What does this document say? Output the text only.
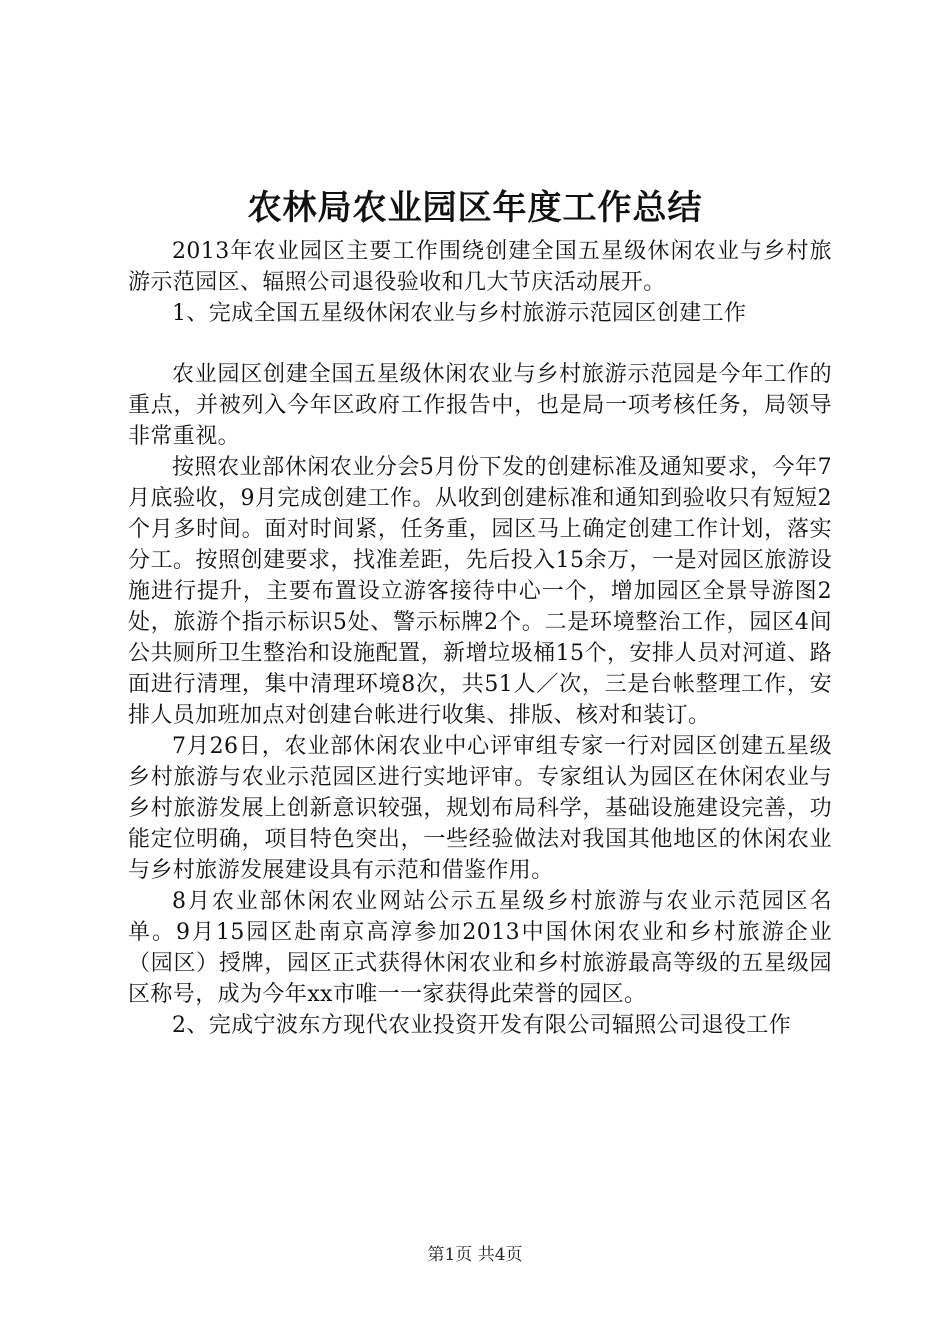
农林局农业园区年度工作总结

2013年农业园区主要工作围绕创建全国五星级休闲农业与乡村旅游示范园区、辐照公司退役验收和几大节庆活动展开。

1、完成全国五星级休闲农业与乡村旅游示范园区创建工作

农业园区创建全国五星级休闲农业与乡村旅游示范园是今年工作的重点，并被列入今年区政府工作报告中，也是局一项考核任务，局领导非常重视。

按照农业部休闲农业分会5月份下发的创建标准及通知要求，今年7月底验收，9月完成创建工作。从收到创建标准和通知到验收只有短短2个月多时间。面对时间紧，任务重，园区马上确定创建工作计划，落实分工。按照创建要求，找准差距，先后投入15余万，一是对园区旅游设施进行提升，主要布置设立游客接待中心一个，增加园区全景导游图2处，旅游个指示标识5处、警示标牌2个。二是环境整治工作，园区4间公共厕所卫生整治和设施配置，新增垃圾桶15个，安排人员对河道、路面进行清理，集中清理环境8次，共51人／次，三是台帐整理工作，安排人员加班加点对创建台帐进行收集、排版、核对和装订。

7月26日，农业部休闲农业中心评审组专家一行对园区创建五星级乡村旅游与农业示范园区进行实地评审。专家组认为园区在休闲农业与乡村旅游发展上创新意识较强，规划布局科学，基础设施建设完善，功能定位明确，项目特色突出，一些经验做法对我国其他地区的休闲农业与乡村旅游发展建设具有示范和借鉴作用。

8月农业部休闲农业网站公示五星级乡村旅游与农业示范园区名单。9月15园区赴南京高淳参加2013中国休闲农业和乡村旅游企业（园区）授牌，园区正式获得休闲农业和乡村旅游最高等级的五星级园区称号，成为今年xx市唯一一家获得此荣誉的园区。

2、完成宁波东方现代农业投资开发有限公司辐照公司退役工作

第1页 共4页
